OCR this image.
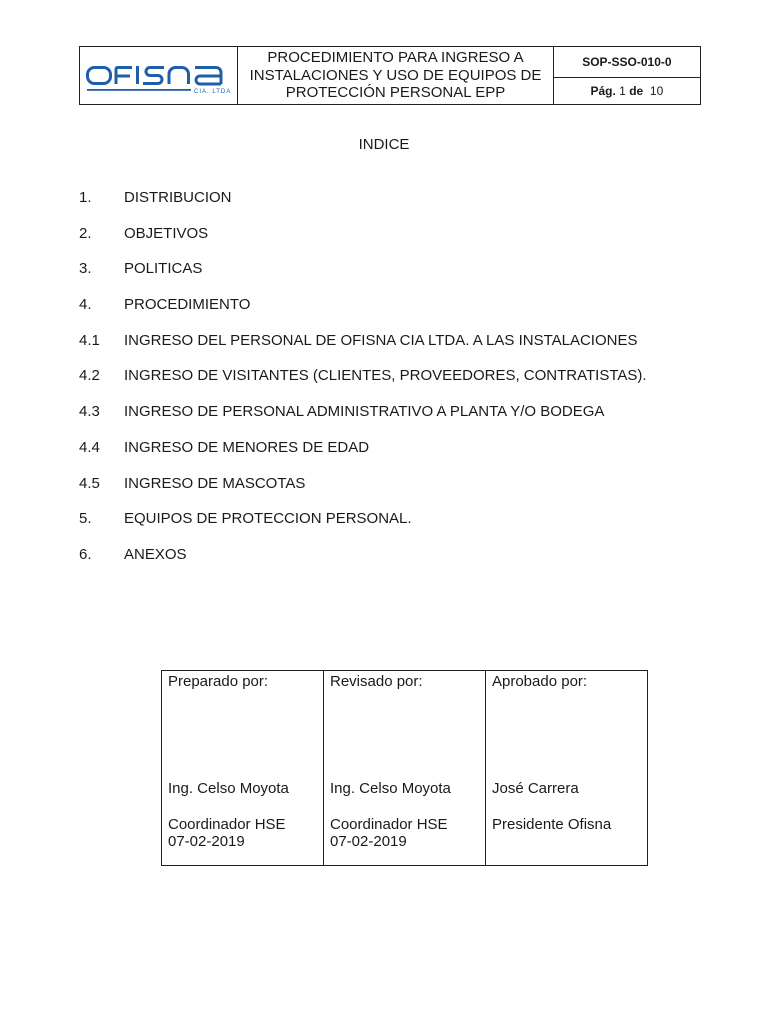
CIA. LTDA

PROCEDIMIENTO PARA INGRESO A
INSTALACIONES Y USO DE EQUIPOS DE
PROTECCIÓN PERSONAL EPP
	SOP-SSO-010-0
Pág. 1 de 10
INDICE
1. DISTRIBUCION
2. OBJETIVOS
3. POLITICAS
4. PROCEDIMIENTO
4.1 INGRESO DEL PERSONAL DE OFISNA CIA LTDA. A LAS INSTALACIONES
4.2 INGRESO DE VISITANTES (CLIENTES, PROVEEDORES, CONTRATISTAS).
4.3 INGRESO DE PERSONAL ADMINISTRATIVO A PLANTA Y/O BODEGA
4.4 INGRESO DE MENORES DE EDAD
4.5 INGRESO DE MASCOTAS
5. EQUIPOS DE PROTECCION PERSONAL.
6. ANEXOS
Preparado por:
Ing. Celso Moyota
Coordinador HSE
07-02-2019

Revisado por:
Ing. Celso Moyota
Coordinador HSE
07-02-2019

Aprobado por:
José Carrera
Presidente Ofisna
